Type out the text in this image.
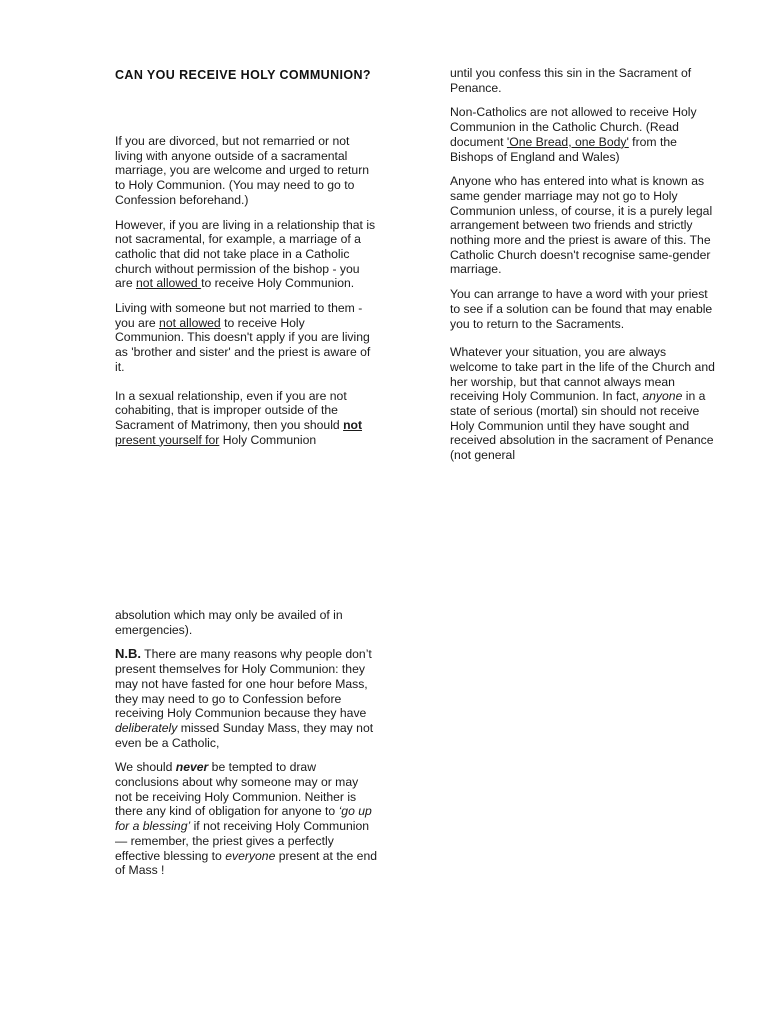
CAN YOU RECEIVE HOLY COMMUNION?

If you are divorced, but not remarried or not living with anyone outside of a sacramental marriage, you are welcome and urged to return to Holy Communion. (You may need to go to Confession beforehand.)

However, if you are living in a relationship that is not sacramental, for example, a marriage of a catholic that did not take place in a Catholic church without permission of the bishop - you are not allowed to receive Holy Communion.

Living with someone but not married to them -you are not allowed to receive Holy Communion. This doesn't apply if you are living as 'brother and sister' and the priest is aware of it.

In a sexual relationship, even if you are not cohabiting, that is improper outside of the Sacrament of Matrimony, then you should not present yourself for Holy Communion

until you confess this sin in the Sacrament of Penance.

Non-Catholics are not allowed to receive Holy Communion in the Catholic Church. (Read document 'One Bread, one Body' from the Bishops of England and Wales)

Anyone who has entered into what is known as same gender marriage may not go to Holy Communion unless, of course, it is a purely legal arrangement between two friends and strictly nothing more and the priest is aware of this. The Catholic Church doesn't recognise same-gender marriage.

You can arrange to have a word with your priest to see if a solution can be found that may enable you to return to the Sacraments.

Whatever your situation, you are always welcome to take part in the life of the Church and her worship, but that cannot always mean receiving Holy Communion. In fact, anyone in a state of serious (mortal) sin should not receive Holy Communion until they have sought and received absolution in the sacrament of Penance (not general

absolution which may only be availed of in emergencies).

N.B. There are many reasons why people don’t present themselves for Holy Communion: they may not have fasted for one hour before Mass, they may need to go to Confession before receiving Holy Communion because they have deliberately missed Sunday Mass, they may not even be a Catholic,

We should never be tempted to draw conclusions about why someone may or may not be receiving Holy Communion. Neither is there any kind of obligation for anyone to ‘go up for a blessing’ if not receiving Holy Communion — remember, the priest gives a perfectly effective blessing to everyone present at the end of Mass !
